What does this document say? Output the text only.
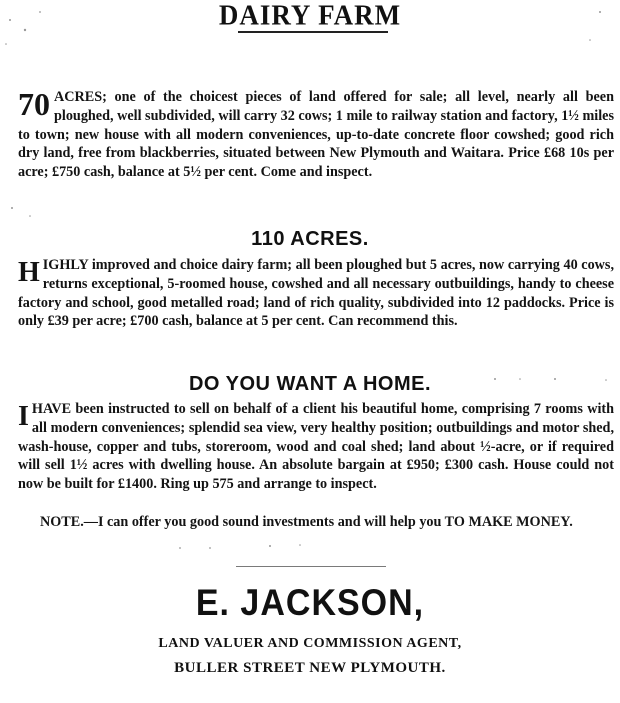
DAIRY FARM
70 ACRES; one of the choicest pieces of land offered for sale; all level, nearly all been ploughed, well subdivided, will carry 32 cows; 1 mile to railway station and factory, 1½ miles to town; new house with all modern conveniences, up-to-date concrete floor cowshed; good rich dry land, free from blackberries, situated between New Plymouth and Waitara. Price £68 10s per acre; £750 cash, balance at 5½ per cent. Come and inspect.
110 ACRES.
HIGHLY improved and choice dairy farm; all been ploughed but 5 acres, now carrying 40 cows, returns exceptional, 5-roomed house, cowshed and all necessary outbuildings, handy to cheese factory and school, good metalled road; land of rich quality, subdivided into 12 paddocks. Price is only £39 per acre; £700 cash, balance at 5 per cent. Can recommend this.
DO YOU WANT A HOME.
IHAVE been instructed to sell on behalf of a client his beautiful home, comprising 7 rooms with all modern conveniences; splendid sea view, very healthy position; outbuildings and motor shed, wash-house, copper and tubs, storeroom, wood and coal shed; land about ½-acre, or if required will sell 1½ acres with dwelling house. An absolute bargain at £950; £300 cash. House could not now be built for £1400. Ring up 575 and arrange to inspect.
NOTE.—I can offer you good sound investments and will help you TO MAKE MONEY.
E. JACKSON,
LAND VALUER AND COMMISSION AGENT,
BULLER STREET NEW PLYMOUTH.
